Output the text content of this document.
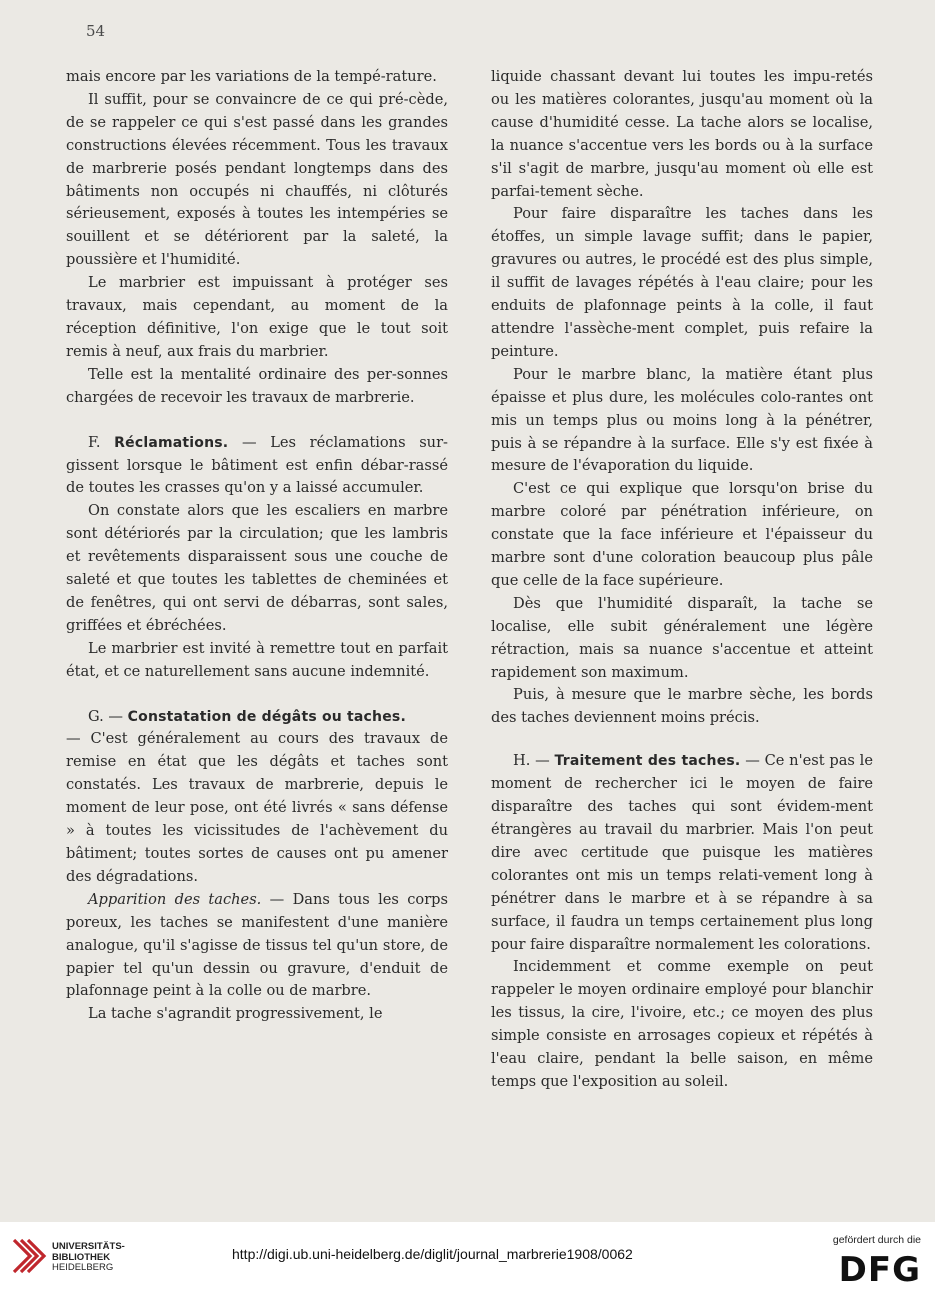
54

mais encore par les variations de la tempé-rature.

Il suffit, pour se convaincre de ce qui pré-cède, de se rappeler ce qui s'est passé dans les grandes constructions élevées récemment. Tous les travaux de marbrerie posés pendant longtemps dans des bâtiments non occupés ni chauffés, ni clôturés sérieusement, exposés à toutes les intempéries se souillent et se détériorent par la saleté, la poussière et l'humidité.

Le marbrier est impuissant à protéger ses travaux, mais cependant, au moment de la réception définitive, l'on exige que le tout soit remis à neuf, aux frais du marbrier.

Telle est la mentalité ordinaire des per-sonnes chargées de recevoir les travaux de marbrerie.

F. Réclamations. — Les réclamations sur-gissent lorsque le bâtiment est enfin débar-rassé de toutes les crasses qu'on y a laissé accumuler.

On constate alors que les escaliers en marbre sont détériorés par la circulation; que les lambris et revêtements disparaissent sous une couche de saleté et que toutes les tablettes de cheminées et de fenêtres, qui ont servi de débarras, sont sales, griffées et ébréchées.

Le marbrier est invité à remettre tout en parfait état, et ce naturellement sans aucune indemnité.

G. — Constatation de dégâts ou taches.

— C'est généralement au cours des travaux de remise en état que les dégâts et taches sont constatés. Les travaux de marbrerie, depuis le moment de leur pose, ont été livrés « sans défense » à toutes les vicissitudes de l'achèvement du bâtiment; toutes sortes de causes ont pu amener des dégradations.

Apparition des taches. — Dans tous les corps poreux, les taches se manifestent d'une manière analogue, qu'il s'agisse de tissus tel qu'un store, de papier tel qu'un dessin ou gravure, d'enduit de plafonnage peint à la colle ou de marbre.

La tache s'agrandit progressivement, le

liquide chassant devant lui toutes les impu-retés ou les matières colorantes, jusqu'au moment où la cause d'humidité cesse. La tache alors se localise, la nuance s'accentue vers les bords ou à la surface s'il s'agit de marbre, jusqu'au moment où elle est parfai-tement sèche.

Pour faire disparaître les taches dans les étoffes, un simple lavage suffit; dans le papier, gravures ou autres, le procédé est des plus simple, il suffit de lavages répétés à l'eau claire; pour les enduits de plafonnage peints à la colle, il faut attendre l'assèche-ment complet, puis refaire la peinture.

Pour le marbre blanc, la matière étant plus épaisse et plus dure, les molécules colo-rantes ont mis un temps plus ou moins long à la pénétrer, puis à se répandre à la surface. Elle s'y est fixée à mesure de l'évaporation du liquide.

C'est ce qui explique que lorsqu'on brise du marbre coloré par pénétration inférieure, on constate que la face inférieure et l'épaisseur du marbre sont d'une coloration beaucoup plus pâle que celle de la face supérieure.

Dès que l'humidité disparaît, la tache se localise, elle subit généralement une légère rétraction, mais sa nuance s'accentue et atteint rapidement son maximum.

Puis, à mesure que le marbre sèche, les bords des taches deviennent moins précis.

H. — Traitement des taches. — Ce n'est pas le moment de rechercher ici le moyen de faire disparaître des taches qui sont évidem-ment étrangères au travail du marbrier. Mais l'on peut dire avec certitude que puisque les matières colorantes ont mis un temps relati-vement long à pénétrer dans le marbre et à se répandre à sa surface, il faudra un temps certainement plus long pour faire disparaître normalement les colorations.

Incidemment et comme exemple on peut rappeler le moyen ordinaire employé pour blanchir les tissus, la cire, l'ivoire, etc.; ce moyen des plus simple consiste en arrosages copieux et répétés à l'eau claire, pendant la belle saison, en même temps que l'exposition au soleil.

UNIVERSITÄTS-
BIBLIOTHEK
HEIDELBERG
http://digi.ub.uni-heidelberg.de/diglit/journal_marbrerie1908/0062
gefördert durch die
DFG
